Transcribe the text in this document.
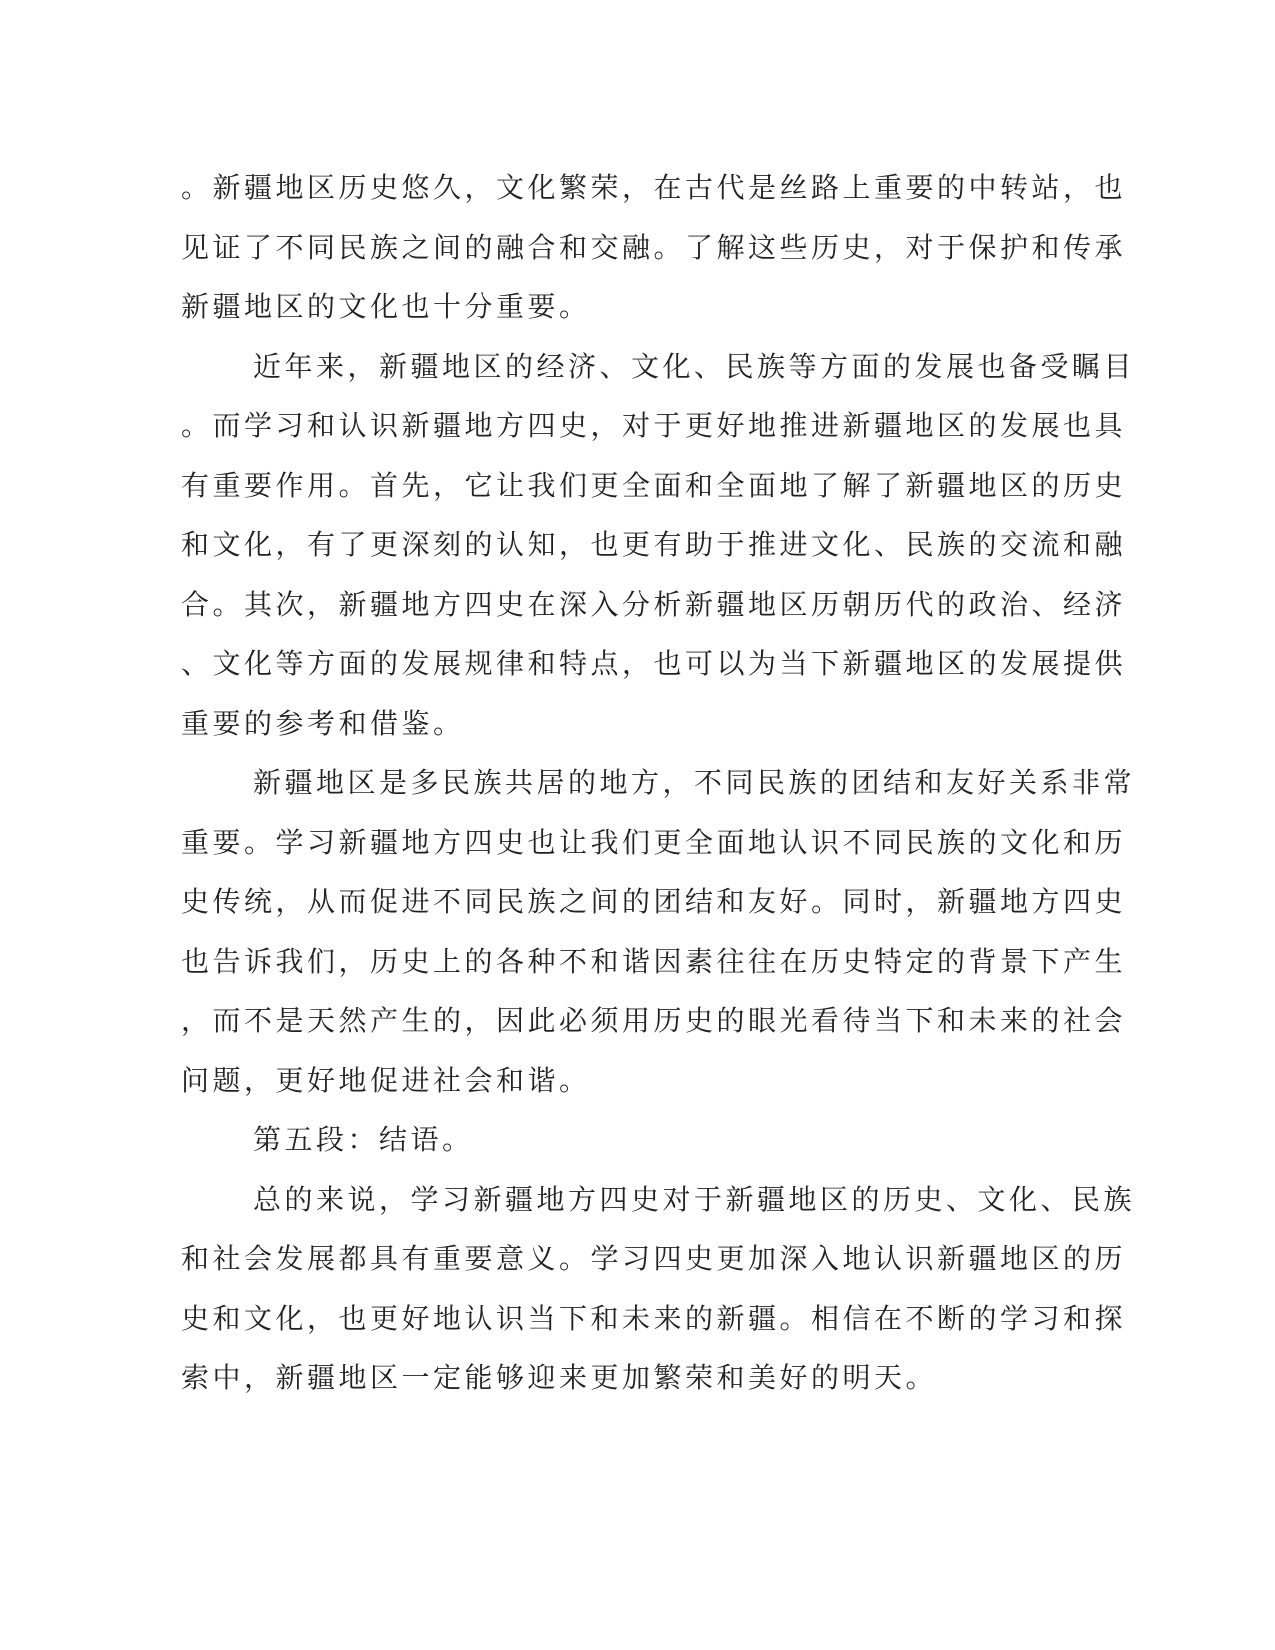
。新疆地区历史悠久，文化繁荣，在古代是丝路上重要的中转站，也
见证了不同民族之间的融合和交融。了解这些历史，对于保护和传承
新疆地区的文化也十分重要。
近年来，新疆地区的经济、文化、民族等方面的发展也备受瞩目
。而学习和认识新疆地方四史，对于更好地推进新疆地区的发展也具
有重要作用。首先，它让我们更全面和全面地了解了新疆地区的历史
和文化，有了更深刻的认知，也更有助于推进文化、民族的交流和融
合。其次，新疆地方四史在深入分析新疆地区历朝历代的政治、经济
、文化等方面的发展规律和特点，也可以为当下新疆地区的发展提供
重要的参考和借鉴。
新疆地区是多民族共居的地方，不同民族的团结和友好关系非常
重要。学习新疆地方四史也让我们更全面地认识不同民族的文化和历
史传统，从而促进不同民族之间的团结和友好。同时，新疆地方四史
也告诉我们，历史上的各种不和谐因素往往在历史特定的背景下产生
，而不是天然产生的，因此必须用历史的眼光看待当下和未来的社会
问题，更好地促进社会和谐。
第五段：结语。
总的来说，学习新疆地方四史对于新疆地区的历史、文化、民族
和社会发展都具有重要意义。学习四史更加深入地认识新疆地区的历
史和文化，也更好地认识当下和未来的新疆。相信在不断的学习和探
索中，新疆地区一定能够迎来更加繁荣和美好的明天。
